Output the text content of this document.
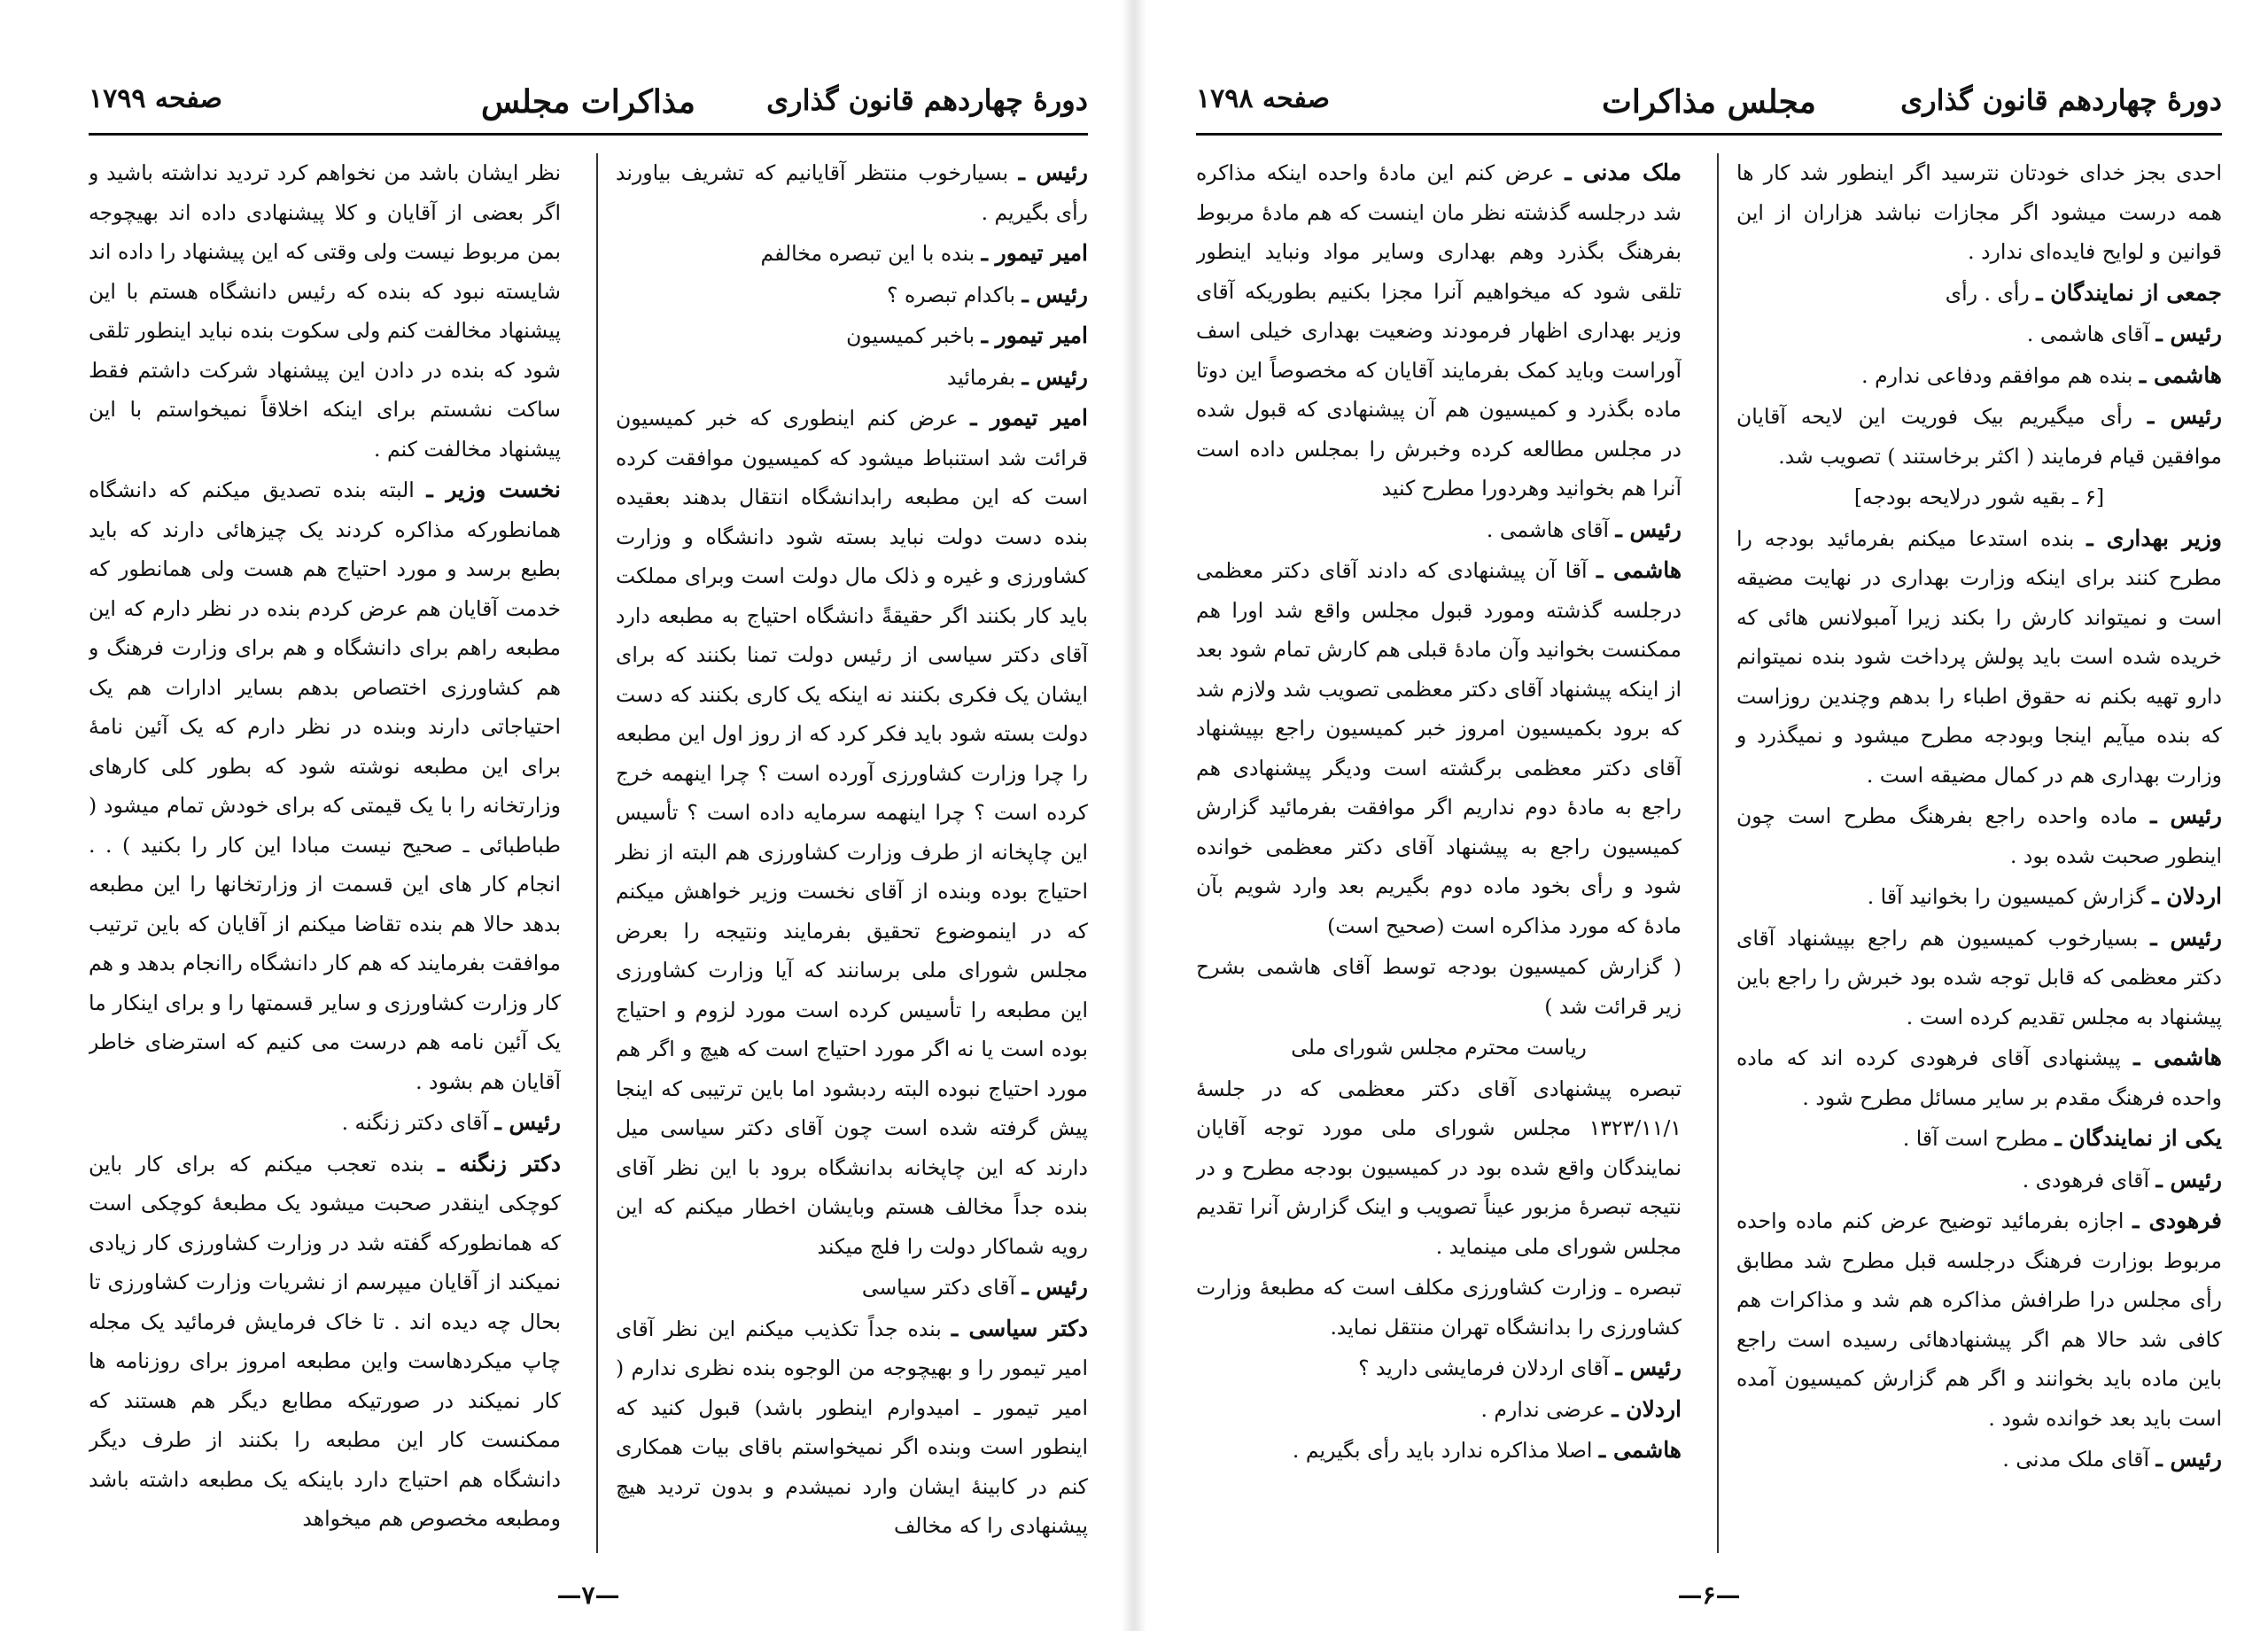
دورهٔ چهاردهم قانون گذاری
مذاکرات مجلس
صفحه ۱۷۹۹

رئیس ـ بسیارخوب منتظر آقایانیم که تشریف بیاورند رأی بگیریم .

امیر تیمور ـ بنده با این تبصره مخالفم

رئیس ـ باکدام تبصره ؟

امیر تیمور ـ باخبر کمیسیون

رئیس ـ بفرمائید

امیر تیمور ـ عرض کنم اینطوری که خبر کمیسیون قرائت شد استنباط میشود که کمیسیون موافقت کرده است که این مطبعه رابدانشگاه انتقال بدهند بعقیده بنده دست دولت نباید بسته شود دانشگاه و وزارت کشاورزی و غیره و ذلک مال دولت است وبرای مملکت باید کار بکنند اگر حقیقةً دانشگاه احتیاج به مطبعه دارد آقای دکتر سیاسی از رئیس دولت تمنا بکنند که برای ایشان یک فکری بکنند نه اینکه یک کاری بکنند که دست دولت بسته شود باید فکر کرد که از روز اول این مطبعه را چرا وزارت کشاورزی آورده است ؟ چرا اینهمه خرج کرده است ؟ چرا اینهمه سرمایه داده است ؟ تأسیس این چاپخانه از طرف وزارت کشاورزی هم البته از نظر احتیاج بوده وبنده از آقای نخست وزیر خواهش میکنم که در اینموضوع تحقیق بفرمایند ونتیجه را بعرض مجلس شورای ملی برسانند که آیا وزارت کشاورزی این مطبعه را تأسیس کرده است مورد لزوم و احتیاج بوده است یا نه اگر مورد احتیاج است که هیچ و اگر هم مورد احتیاج نبوده البته ردبشود اما باین ترتیبی که اینجا پیش گرفته شده است چون آقای دکتر سیاسی میل دارند که این چاپخانه بدانشگاه برود با این نظر آقای بنده جداً مخالف هستم وبایشان اخطار میکنم که این رویه شماکار دولت را فلج میکند

رئیس ـ آقای دکتر سیاسی

دکتر سیاسی ـ بنده جداً تکذیب میکنم این نظر آقای امیر تیمور را و بهیچوجه من الوجوه بنده نظری ندارم ( امیر تیمور ـ امیدوارم اینطور باشد) قبول کنید که اینطور است وبنده اگر نمیخواستم باقای بیات همکاری کنم در کابینهٔ ایشان وارد نمیشدم و بدون تردید هیچ پیشنهادی را که مخالف

نظر ایشان باشد من نخواهم کرد تردید نداشته باشید و اگر بعضی از آقایان و کلا پیشنهادی داده اند بهیچوجه بمن مربوط نیست ولی وقتی که این پیشنهاد را داده اند شایسته نبود که بنده که رئیس دانشگاه هستم با این پیشنهاد مخالفت کنم ولی سکوت بنده نباید اینطور تلقی شود که بنده در دادن این پیشنهاد شرکت داشتم فقط ساکت نشستم برای اینکه اخلاقاً نمیخواستم با این پیشنهاد مخالفت کنم .

نخست وزیر ـ البته بنده تصدیق میکنم که دانشگاه همانطورکه مذاکره کردند یک چیزهائی دارند که باید بطبع برسد و مورد احتیاج هم هست ولی همانطور که خدمت آقایان هم عرض کردم بنده در نظر دارم که این مطبعه راهم برای دانشگاه و هم برای وزارت فرهنگ و هم کشاورزی اختصاص بدهم بسایر ادارات هم یک احتیاجاتی دارند وبنده در نظر دارم که یک آئین نامهٔ برای این مطبعه نوشته شود که بطور کلی کارهای وزارتخانه را با یک قیمتی که برای خودش تمام میشود ( طباطبائی ـ صحیح نیست مبادا این کار را بکنید ) . . انجام کار های این قسمت از وزارتخانها را این مطبعه بدهد حالا هم بنده تقاضا میکنم از آقایان که باین ترتیب موافقت بفرمایند که هم کار دانشگاه راانجام بدهد و هم کار وزارت کشاورزی و سایر قسمتها را و برای اینکار ما یک آئین نامه هم درست می کنیم که استرضای خاطر آقایان هم بشود .

رئیس ـ آقای دکتر زنگنه .

دکتر زنگنه ـ بنده تعجب میکنم که برای کار باین کوچکی اینقدر صحبت میشود یک مطبعهٔ کوچکی است که همانطورکه گفته شد در وزارت کشاورزی کار زیادی نمیکند از آقایان میپرسم از نشریات وزارت کشاورزی تا بحال چه دیده اند . تا خاک فرمایش فرمائید یک مجله چاپ میکردهاست واین مطبعه امروز برای روزنامه ها کار نمیکند در صورتیکه مطابع دیگر هم هستند که ممکنست کار این مطبعه را بکنند از طرف دیگر دانشگاه هم احتیاج دارد باینکه یک مطبعه داشته باشد ومطبعه مخصوص هم میخواهد

—۷—
دورهٔ چهاردهم قانون گذاری
مجلس مذاکرات
صفحه ۱۷۹۸

احدی بجز خدای خودتان نترسید اگر اینطور شد کار ها همه درست میشود اگر مجازات نباشد هزاران از این قوانین و لوایح فایده‌ای ندارد .

جمعی از نمایندگان ـ رأی . رأی

رئیس ـ آقای هاشمی .

هاشمی ـ بنده هم موافقم ودفاعی ندارم .

رئیس ـ رأی میگیریم بیک فوریت این لایحه آقایان موافقین قیام فرمایند ( اکثر برخاستند ) تصویب شد.

[۶ ـ بقیه شور درلایحه بودجه]

وزیر بهداری ـ بنده استدعا میکنم بفرمائید بودجه را مطرح کنند برای اینکه وزارت بهداری در نهایت مضیقه است و نمیتواند کارش را بکند زیرا آمبولانس هائی که خریده شده است باید پولش پرداخت شود بنده نمیتوانم دارو تهیه بکنم نه حقوق اطباء را بدهم وچندین روزاست که بنده میآیم اینجا وبودجه مطرح میشود و نمیگذرد و وزارت بهداری هم در کمال مضیقه است .

رئیس ـ ماده واحده راجع بفرهنگ مطرح است چون اینطور صحبت شده بود .

اردلان ـ گزارش کمیسیون را بخوانید آقا .

رئیس ـ بسیارخوب کمیسیون هم راجع بپیشنهاد آقای دکتر معظمی که قابل توجه شده بود خبرش را راجع باین پیشنهاد به مجلس تقدیم کرده است .

هاشمی ـ پیشنهادی آقای فرهودی کرده اند که ماده واحده فرهنگ مقدم بر سایر مسائل مطرح شود .

یکی از نمایندگان ـ مطرح است آقا .

رئیس ـ آقای فرهودی .

فرهودی ـ اجازه بفرمائید توضیح عرض کنم ماده واحده مربوط بوزارت فرهنگ درجلسه قبل مطرح شد مطابق رأی مجلس درا طرافش مذاکره هم شد و مذاکرات هم کافی شد حالا هم اگر پیشنهادهائی رسیده است راجع باین ماده باید بخوانند و اگر هم گزارش کمیسیون آمده است باید بعد خوانده شود .

رئیس ـ آقای ملک مدنی .

ملک مدنی ـ عرض کنم این مادهٔ واحده اینکه مذاکره شد درجلسه گذشته نظر مان اینست که هم مادهٔ مربوط بفرهنگ بگذرد وهم بهداری وسایر مواد ونباید اینطور تلقی شود که میخواهیم آنرا مجزا بکنیم بطوریکه آقای وزیر بهداری اظهار فرمودند وضعیت بهداری خیلی اسف آوراست وباید کمک بفرمایند آقایان که مخصوصاً این دوتا ماده بگذرد و کمیسیون هم آن پیشنهادی که قبول شده در مجلس مطالعه کرده وخبرش را بمجلس داده است آنرا هم بخوانید وهردورا مطرح کنید

رئیس ـ آقای هاشمی .

هاشمی ـ آقا آن پیشنهادی که دادند آقای دکتر معظمی درجلسه گذشته ومورد قبول مجلس واقع شد اورا هم ممکنست بخوانید وآن مادهٔ قبلی هم کارش تمام شود بعد از اینکه پیشنهاد آقای دکتر معظمی تصویب شد ولازم شد که برود بکمیسیون امروز خبر کمیسیون راجع بپیشنهاد آقای دکتر معظمی برگشته است ودیگر پیشنهادی هم راجع به مادهٔ دوم نداریم اگر موافقت بفرمائید گزارش کمیسیون راجع به پیشنهاد آقای دکتر معظمی خوانده شود و رأی بخود ماده دوم بگیریم بعد وارد شویم بآن مادهٔ که مورد مذاکره است (صحیح است)

( گزارش کمیسیون بودجه توسط آقای هاشمی بشرح زیر قرائت شد )

ریاست محترم مجلس شورای ملی

تبصره پیشنهادی آقای دکتر معظمی که در جلسهٔ ۱۳۲۳/۱۱/۱ مجلس شورای ملی مورد توجه آقایان نمایندگان واقع شده بود در کمیسیون بودجه مطرح و در نتیجه تبصرهٔ مزبور عیناً تصویب و اینک گزارش آنرا تقدیم مجلس شورای ملی مینماید .

تبصره ـ وزارت کشاورزی مکلف است که مطبعهٔ وزارت کشاورزی را بدانشگاه تهران منتقل نماید.

رئیس ـ آقای اردلان فرمایشی دارید ؟

اردلان ـ عرضی ندارم .

هاشمی ـ اصلا مذاکره ندارد باید رأی بگیریم .

—۶—
